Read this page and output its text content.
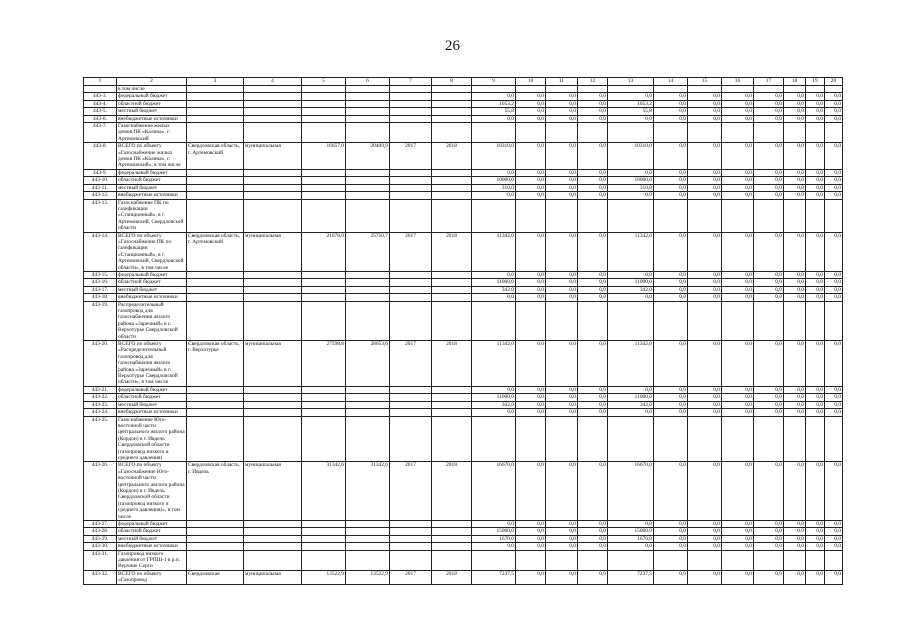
26
1	2	3	4	5	6	7	8	9	10	11	12	13	14	15	16	17	18	19	20
	в том числе																		
443-3.	федеральный бюджет							0,0	0,0	0,0	0,0	0,0	0,0	0,0	0,0	0,0	0,0	0,0	0,0
443-4.	областной бюджет							1053,2	0,0	0,0	0,0	1053,2	0,0	0,0	0,0	0,0	0,0	0,0	0,0
443-5.	местный бюджет							55,8	0,0	0,0	0,0	55,8	0,0	0,0	0,0	0,0	0,0	0,0	0,0
443-6.	внебюджетные источники							0,0	0,0	0,0	0,0	0,0	0,0	0,0	0,0	0,0	0,0	0,0	0,0
443-7.	Газоснабжение жилых домов ПК «Калина», г. Артемовский																		
443-8.	ВСЕГО по объекту «Газоснабжение жилых домов ПК «Калина», г. Артемовский», в том числе	Свердловская область, г. Артемовский	муниципальная	16657,0	20409,9	2017	2018	10310,0	0,0	0,0	0,0	10310,0	0,0	0,0	0,0	0,0	0,0	0,0	0,0
443-9.	федеральный бюджет							0,0	0,0	0,0	0,0	0,0	0,0	0,0	0,0	0,0	0,0	0,0	0,0
443-10.	областной бюджет							10000,0	0,0	0,0	0,0	10000,0	0,0	0,0	0,0	0,0	0,0	0,0	0,0
443-11.	местный бюджет							310,0	0,0	0,0	0,0	310,0	0,0	0,0	0,0	0,0	0,0	0,0	0,0
443-12.	внебюджетные источники							0,0	0,0	0,0	0,0	0,0	0,0	0,0	0,0	0,0	0,0	0,0	0,0
443-13.	Газоснабжение ПК по газификации «Станционный», в г. Артемовский, Свердловской области																		
443-14.	ВСЕГО по объекту «Газоснабжение ПК по газификации «Станционный», в г. Артемовский, Свердловской области», в том числе	Свердловская область, г. Артемовский	муниципальная	21678,0	25750,7	2017	2018	11342,0	0,0	0,0	0,0	11342,0	0,0	0,0	0,0	0,0	0,0	0,0	0,0
443-15.	федеральный бюджет							0,0	0,0	0,0	0,0	0,0	0,0	0,0	0,0	0,0	0,0	0,0	0,0
443-16.	областной бюджет							11000,0	0,0	0,0	0,0	11000,0	0,0	0,0	0,0	0,0	0,0	0,0	0,0
443-17.	местный бюджет							342,0	0,0	0,0	0,0	342,0	0,0	0,0	0,0	0,0	0,0	0,0	0,0
443-18.	внебюджетные источники							0,0	0,0	0,0	0,0	0,0	0,0	0,0	0,0	0,0	0,0	0,0	0,0
443-19.	Распределительный газопровод для газоснабжения жилого района «Заречный» в г. Верхотурье Свердловской области																		
443-20.	ВСЕГО по объекту «Распределительный газопровод для газоснабжения жилого района «Заречный» в г. Верхотурье Свердловской области», в том числе	Свердловская область, г. Верхотурье	муниципальная	27598,8	28053,6	2017	2018	11342,0	0,0	0,0	0,0	11342,0	0,0	0,0	0,0	0,0	0,0	0,0	0,0
443-21.	федеральный бюджет							0,0	0,0	0,0	0,0	0,0	0,0	0,0	0,0	0,0	0,0	0,0	0,0
443-22.	областной бюджет							11000,0	0,0	0,0	0,0	11000,0	0,0	0,0	0,0	0,0	0,0	0,0	0,0
443-23.	местный бюджет							342,0	0,0	0,0	0,0	342,0	0,0	0,0	0,0	0,0	0,0	0,0	0,0
443-24.	внебюджетные источники							0,0	0,0	0,0	0,0	0,0	0,0	0,0	0,0	0,0	0,0	0,0	0,0
443-25.	Газоснабжение Юго-восточной части центрального жилого района (Кордон) в г. Ивдель Свердловской области (газопровод низкого и среднего давления)																		
443-26.	ВСЕГО по объекту «Газоснабжение Юго-восточной части центрального жилого района (Кордон) в г. Ивдель Свердловской области (газопровод низкого и среднего давления)», в том числе	Свердловская область, г. Ивдель	муниципальная	31342,6	31342,6	2017	2018	16670,0	0,0	0,0	0,0	16670,0	0,0	0,0	0,0	0,0	0,0	0,0	0,0
443-27.	федеральный бюджет							0,0	0,0	0,0	0,0	0,0	0,0	0,0	0,0	0,0	0,0	0,0	0,0
443-28.	областной бюджет							15000,0	0,0	0,0	0,0	15000,0	0,0	0,0	0,0	0,0	0,0	0,0	0,0
443-29.	местный бюджет							1670,0	0,0	0,0	0,0	1670,0	0,0	0,0	0,0	0,0	0,0	0,0	0,0
443-30.	внебюджетные источники							0,0	0,0	0,0	0,0	0,0	0,0	0,0	0,0	0,0	0,0	0,0	0,0
443-31.	Газопровод низкого давления от ГРПШ-1 в р.п. Верхние Серги																		
443-32.	ВСЕГО по объекту «Газопровод	Свердловская	муниципальная	13522,9	13522,9	2017	2018	7237,5	0,0	0,0	0,0	7237,5	0,0	0,0	0,0	0,0	0,0	0,0	0,0
